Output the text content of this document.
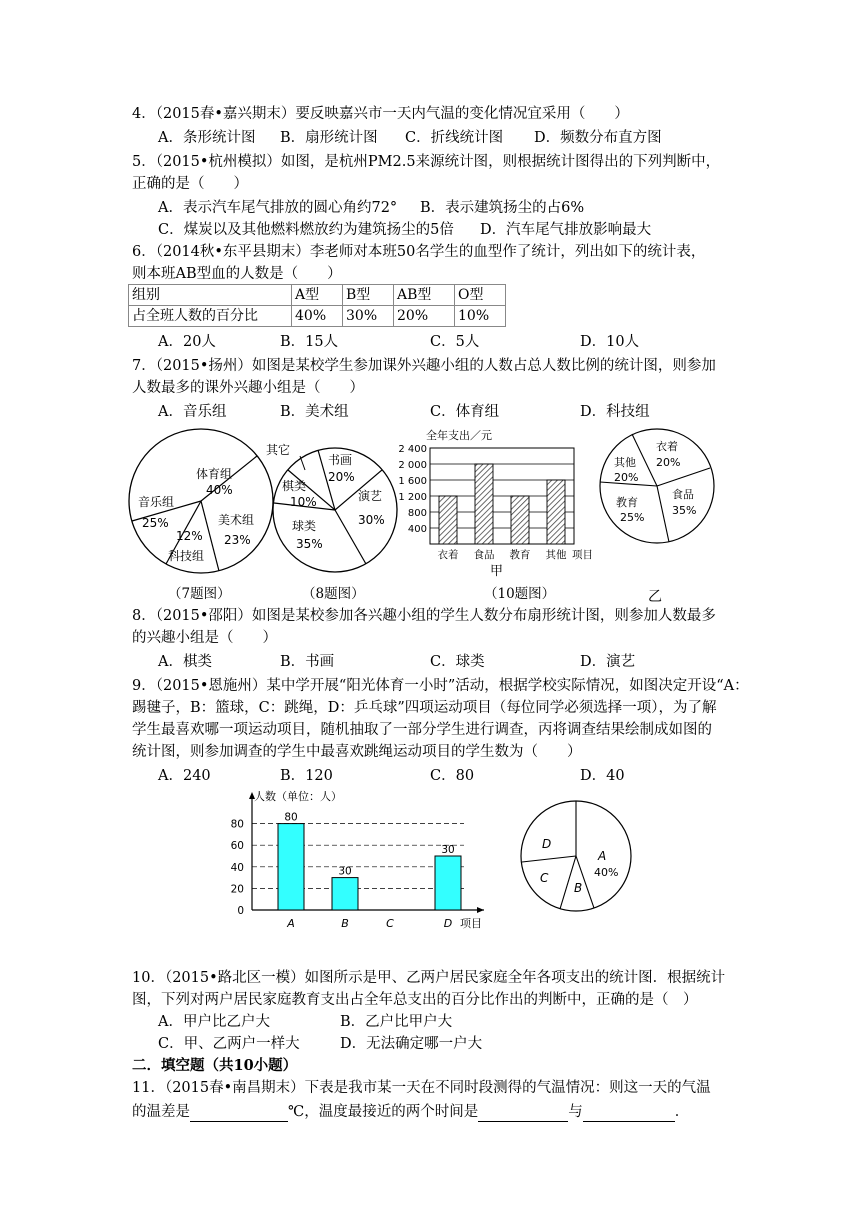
4．（2015春•嘉兴期末）要反映嘉兴市一天内气温的变化情况宜采用（　　）
A．条形统计图 B．扇形统计图 C．折线统计图 D．频数分布直方图
5．（2015•杭州模拟）如图，是杭州PM2.5来源统计图，则根据统计图得出的下列判断中，
正确的是（　　）
A．表示汽车尾气排放的圆心角约72° B．表示建筑扬尘的占6%
C．煤炭以及其他燃料燃放约为建筑扬尘的5倍 D．汽车尾气排放影响最大
6．（2014秋•东平县期末）李老师对本班50名学生的血型作了统计，列出如下的统计表，
则本班AB型血的人数是（　　）
组别	A型	B型	AB型	O型
占全班人数的百分比	40%	30%	20%	10%
A．20人	B．15人	C．5人	D．10人
7．（2015•扬州）如图是某校学生参加课外兴趣小组的人数占总人数比例的统计图，则参加
人数最多的课外兴趣小组是（　　）
A．音乐组	B．美术组	C．体育组	D．科技组
体育组
40%
音乐组
25%	美术组
23%
12%
科技组
其它
书画
20%
演艺
30%
棋类
10%
球类
35%
400
800
1 200
1 600
2 000
2 400
全年支出／元
衣着 食品 教育 其他 项目
衣着
20%
其他
20%
教育
25%
食品
35%
（7题图）	（8题图）	（10题图）
甲
乙
8．（2015•邵阳）如图是某校参加各兴趣小组的学生人数分布扇形统计图，则参加人数最多
的兴趣小组是（　　）
A．棋类	B．书画	C．球类	D．演艺
9．（2015•恩施州）某中学开展“阳光体育一小时”活动，根据学校实际情况，如图决定开设“A：
踢毽子，B：篮球，C：跳绳，D：乒乓球”四项运动项目（每位同学必须选择一项），为了解
学生最喜欢哪一项运动项目，随机抽取了一部分学生进行调查，丙将调查结果绘制成如图的
统计图，则参加调查的学生中最喜欢跳绳运动项目的学生数为（　　）
A．240	B．120	C．80	D．40
人数（单位：人）
0
20
40
60
80
80
A
30
B	C
30
D 项目
A
40%
B
C
D
10．（2015•路北区一模）如图所示是甲、乙两户居民家庭全年各项支出的统计图．根据统计
图，下列对两户居民家庭教育支出占全年总支出的百分比作出的判断中，正确的是（　）
A．甲户比乙户大	B．乙户比甲户大
C．甲、乙两户一样大	D．无法确定哪一户大
二．填空题（共10小题）
11．（2015春•南昌期末）下表是我市某一天在不同时段测得的气温情况：则这一天的气温
的温差是	℃，温度最接近的两个时间是	与	．
